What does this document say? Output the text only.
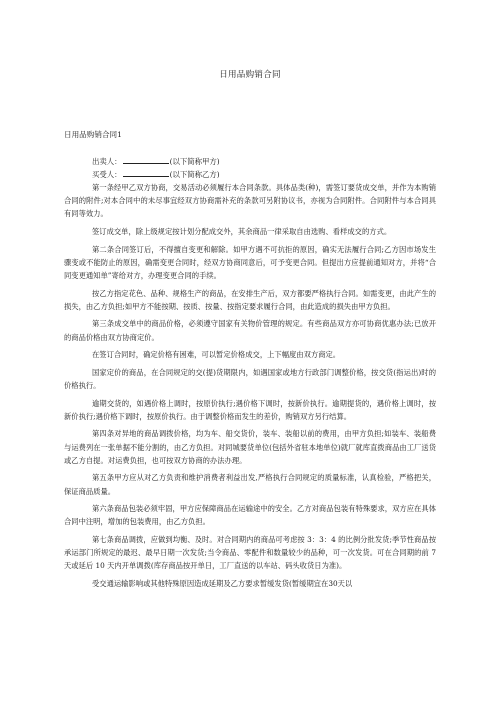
日用品购销合同
日用品购销合同1
出卖人：	(以下简称甲方)
买受人：	(以下简称乙方)

第一条经甲乙双方协商，交易活动必须履行本合同条款。具体品类(种)，需签订要货成交单，并作为本购销合同的附件;对本合同中的未尽事宜经双方协商需补充的条款可另附协议书，亦视为合同附件。合同附件与本合同具有同等效力。

签订成交单，除上级规定按计划分配成交外，其余商品一律采取自由选购、看样成交的方式。

第二条合同签订后，不得擅自变更和解除。如甲方遇不可抗拒的原因，确实无法履行合同;乙方因市场发生骤变或不能防止的原因，确需变更合同时，经双方协商同意后，可予变更合同。但提出方应提前通知对方，并将“合同变更通知单”寄给对方，办理变更合同的手续。

按乙方指定花色、品种、规格生产的商品，在安排生产后，双方都要严格执行合同。如需变更，由此产生的损失，由乙方负担;如甲方不能按期、按质、按量、按指定要求履行合同，由此造成的损失由甲方负担。

第三条成交单中的商品价格，必须遵守国家有关物价管理的规定。有些商品双方亦可协商优惠办法;已放开的商品价格由双方协商定价。

在签订合同时，确定价格有困难，可以暂定价格成交，上下幅度由双方商定。

国家定价的商品，在合同规定的交(提)货期限内，如遇国家或地方行政部门调整价格，按交货(指运出)时的价格执行。

逾期交货的，如遇价格上调时，按原价执行;遇价格下调时，按新价执行。逾期提货的，遇价格上调时，按新价执行;遇价格下调时，按原价执行。由于调整价格而发生的差价，购销双方另行结算。

第四条对异地的商品调拨价格，均为车、船交货价，装车、装船以前的费用，由甲方负担;如装车、装船费与运费列在一张单据不能分割的，由乙方负担。对同城要货单位(包括外省驻本地单位)就厂就库直拨商品由工厂送货或乙方自提。对运费负担，也可按双方协商的办法办理。

第五条甲方应从对乙方负责和维护消费者利益出发,严格执行合同规定的质量标准，认真检验，严格把关，保证商品质量。

第六条商品包装必须牢固，甲方应保障商品在运输途中的安全。乙方对商品包装有特殊要求，双方应在具体合同中注明，增加的包装费用，由乙方负担。

第七条商品调拨，应做到均衡、及时。对合同期内的商品可考虑按 3：3：4 的比例分批发货;季节性商品按承运部门所规定的最迟、最早日期一次发货;当令商品、零配件和数量较少的品种，可一次发货。可在合同期的前 7 天或延后 10 天内开单调拨(库存商品按开单日，工厂直送的以车站、码头收货日为准)。

受交通运输影响或其他特殊原因造成延期及乙方要求暂缓发货(暂缓期宜在30天以
